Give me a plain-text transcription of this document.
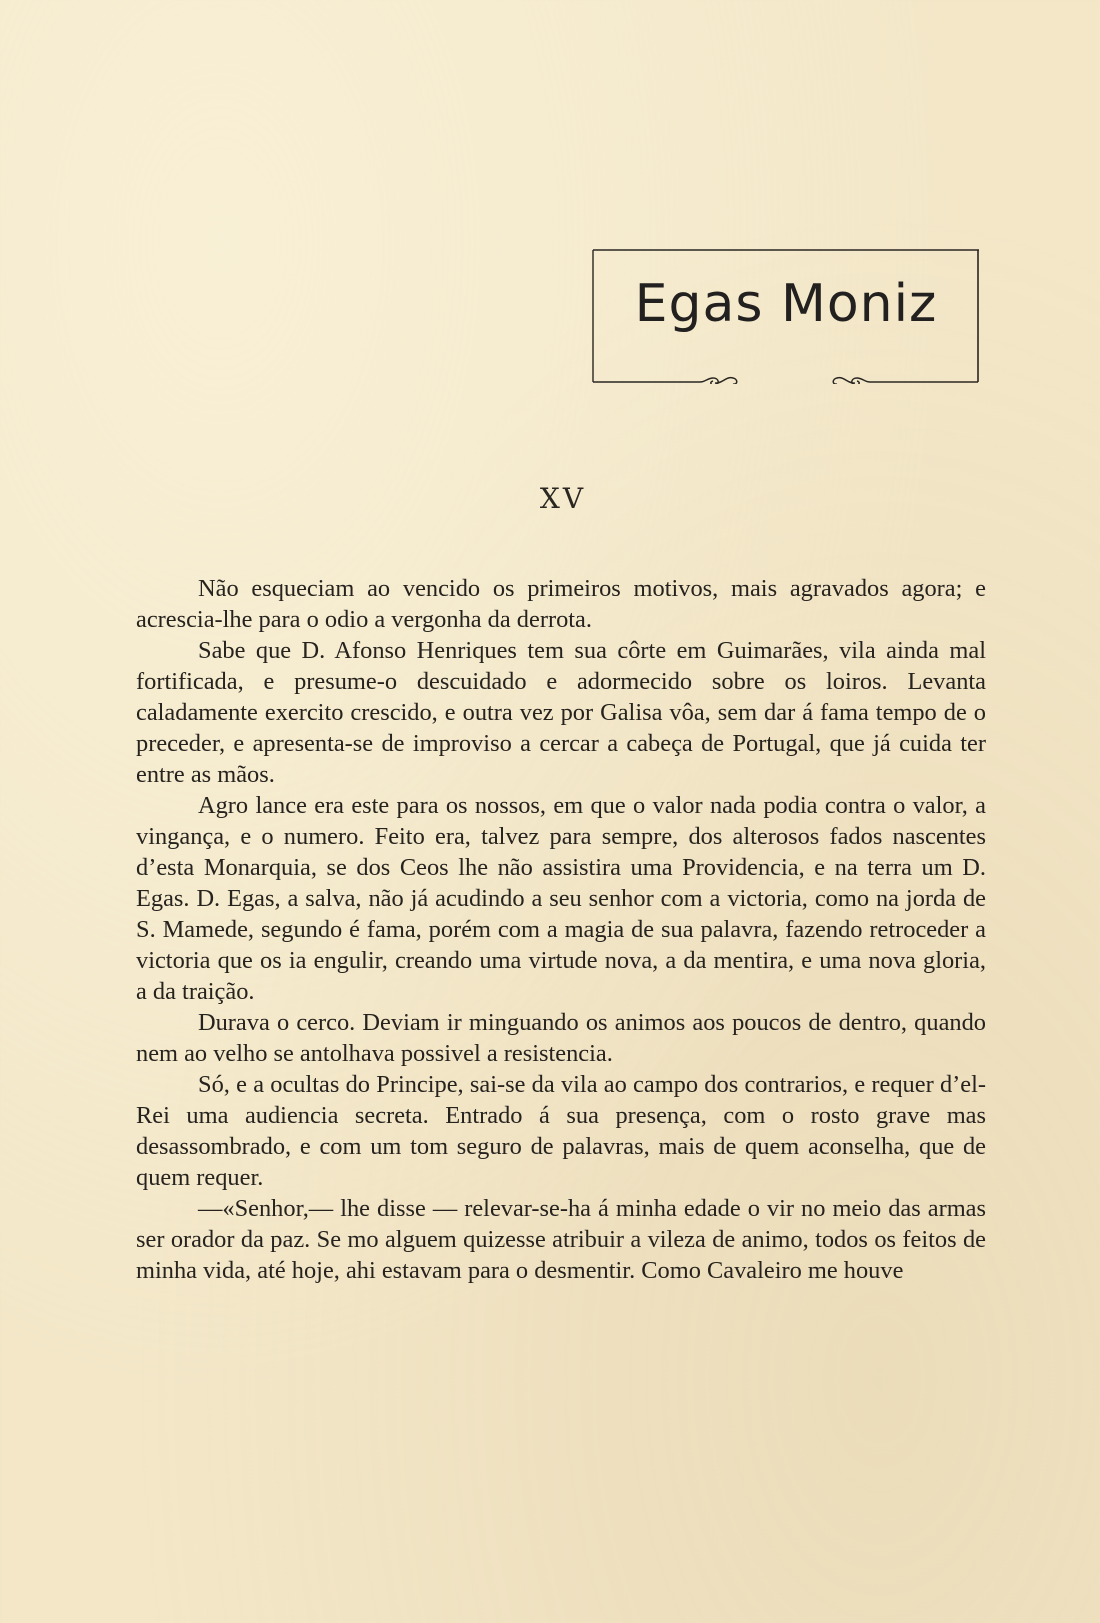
Egas Moniz
XV

Não esqueciam ao vencido os primeiros motivos, mais agravados agora; e acrescia-lhe para o odio a vergonha da derrota.

Sabe que D. Afonso Henriques tem sua côrte em Guimarães, vila ainda mal fortificada, e presume-o descuidado e adormecido sobre os loiros. Levanta caladamente exercito crescido, e outra vez por Galisa vôa, sem dar á fama tempo de o preceder, e apresenta-se de improviso a cercar a cabeça de Portugal, que já cuida ter entre as mãos.

Agro lance era este para os nossos, em que o valor nada podia contra o valor, a vingança, e o numero. Feito era, talvez para sempre, dos alterosos fados nascentes d’esta Monarquia, se dos Ceos lhe não assistira uma Providencia, e na terra um D. Egas. D. Egas, a salva, não já acudindo a seu senhor com a victoria, como na jorda de S. Mamede, segundo é fama, porém com a magia de sua palavra, fazendo retroceder a victoria que os ia engulir, creando uma virtude nova, a da mentira, e uma nova gloria, a da traição.

Durava o cerco. Deviam ir minguando os animos aos poucos de dentro, quando nem ao velho se antolhava possivel a resistencia.

Só, e a ocultas do Principe, sai-se da vila ao campo dos contrarios, e requer d’el-Rei uma audiencia secreta. Entrado á sua presença, com o rosto grave mas desassombrado, e com um tom seguro de palavras, mais de quem aconselha, que de quem requer.

—«Senhor,— lhe disse — relevar-se-ha á minha edade o vir no meio das armas ser orador da paz. Se mo alguem quizesse atribuir a vileza de animo, todos os feitos de minha vida, até hoje, ahi estavam para o desmentir. Como Cavaleiro me houve
